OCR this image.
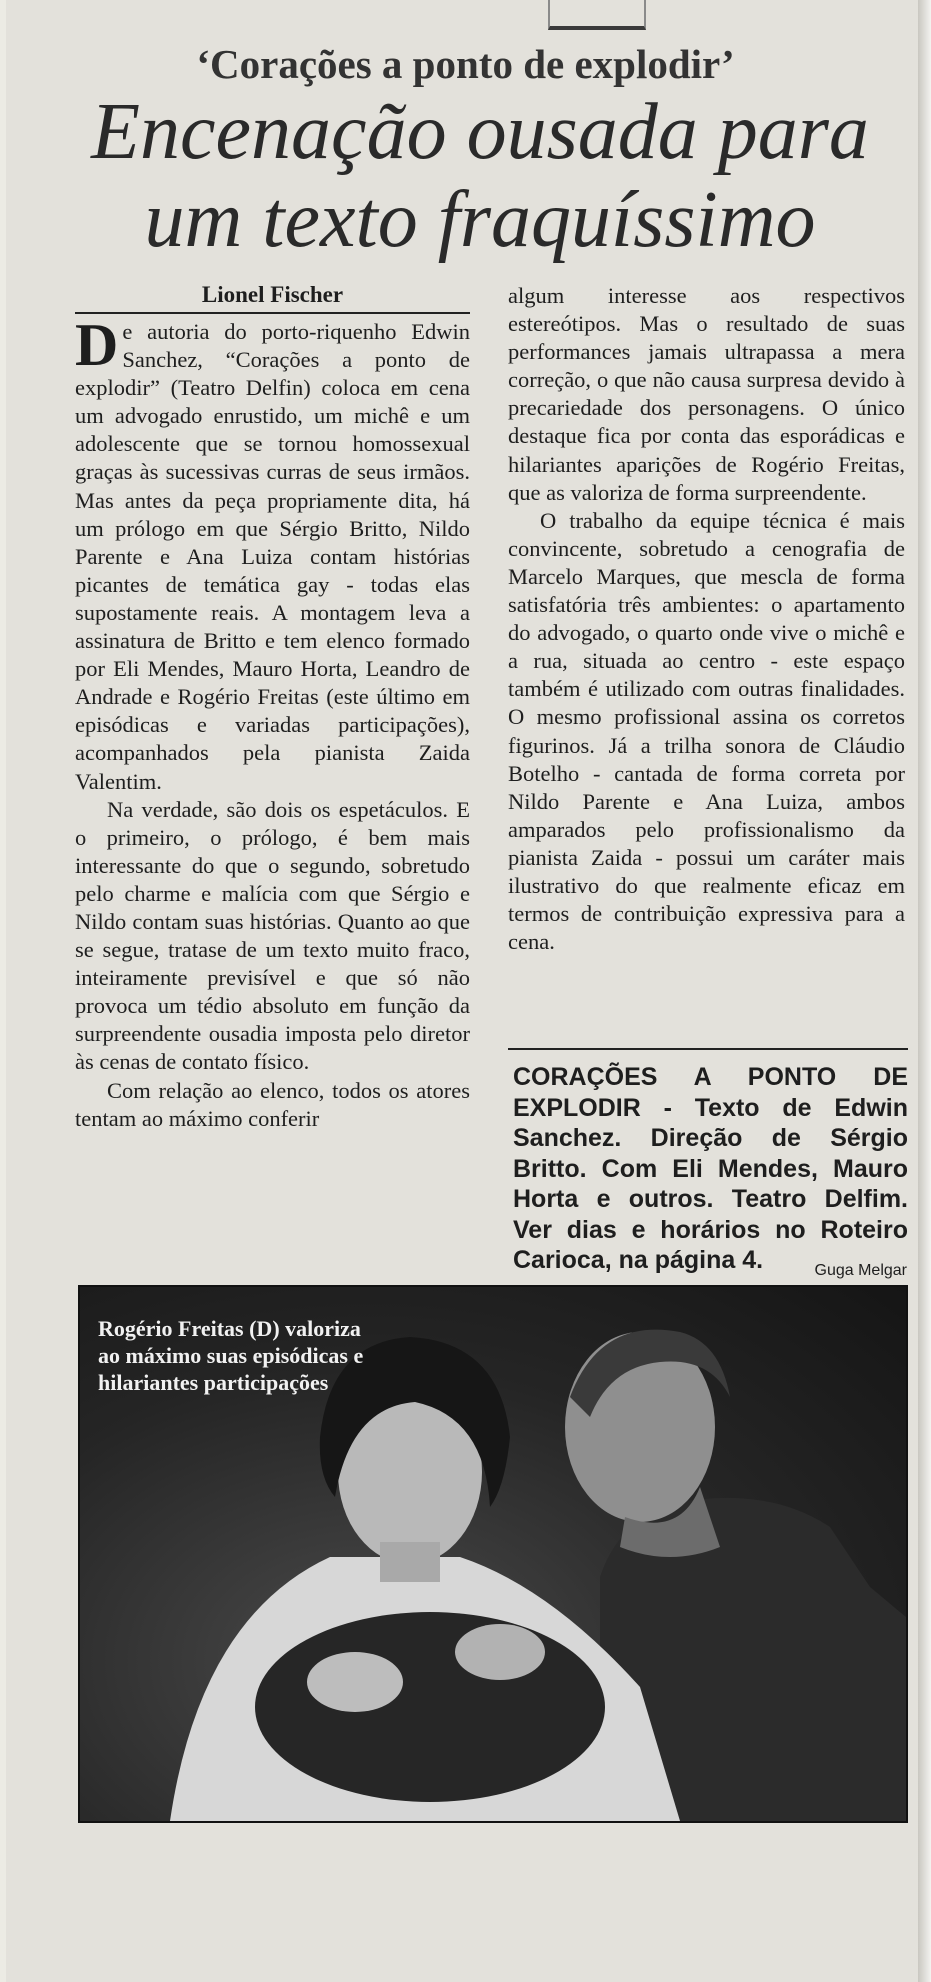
‘Corações a ponto de explodir’
Encenação ousada para
um texto fraquíssimo
Lionel Fischer

De autoria do porto-riquenho Edwin Sanchez, “Corações a ponto de explodir” (Teatro Delfin) coloca em cena um advogado enrustido, um michê e um adolescente que se tornou homossexual graças às sucessivas curras de seus irmãos. Mas antes da peça propriamente dita, há um prólogo em que Sérgio Britto, Nildo Parente e Ana Luiza contam histórias picantes de temática gay - todas elas supostamente reais. A montagem leva a assinatura de Britto e tem elenco formado por Eli Mendes, Mauro Horta, Leandro de Andrade e Rogério Freitas (este último em episódicas e variadas participações), acompanhados pela pianista Zaida Valentim.

Na verdade, são dois os espetáculos. E o primeiro, o prólogo, é bem mais interessante do que o segundo, sobretudo pelo charme e malícia com que Sérgio e Nildo contam suas histórias. Quanto ao que se segue, tratase de um texto muito fraco, inteiramente previsível e que só não provoca um tédio absoluto em função da surpreendente ousadia imposta pelo diretor às cenas de contato físico.

Com relação ao elenco, todos os atores tentam ao máximo conferir

algum interesse aos respectivos estereótipos. Mas o resultado de suas performances jamais ultrapassa a mera correção, o que não causa surpresa devido à precariedade dos personagens. O único destaque fica por conta das esporádicas e hilariantes aparições de Rogério Freitas, que as valoriza de forma surpreendente.

O trabalho da equipe técnica é mais convincente, sobretudo a cenografia de Marcelo Marques, que mescla de forma satisfatória três ambientes: o apartamento do advogado, o quarto onde vive o michê e a rua, situada ao centro - este espaço também é utilizado com outras finalidades. O mesmo profissional assina os corretos figurinos. Já a trilha sonora de Cláudio Botelho - cantada de forma correta por Nildo Parente e Ana Luiza, ambos amparados pelo profissionalismo da pianista Zaida - possui um caráter mais ilustrativo do que realmente eficaz em termos de contribuição expressiva para a cena.

CORAÇÕES A PONTO DE EXPLODIR - Texto de Edwin Sanchez. Direção de Sérgio Britto. Com Eli Mendes, Mauro Horta e outros. Teatro Delfim. Ver dias e horários no Roteiro Carioca, na página 4.	Guga Melgar
Rogério Freitas (D) valoriza ao máximo suas episódicas e hilariantes participações
